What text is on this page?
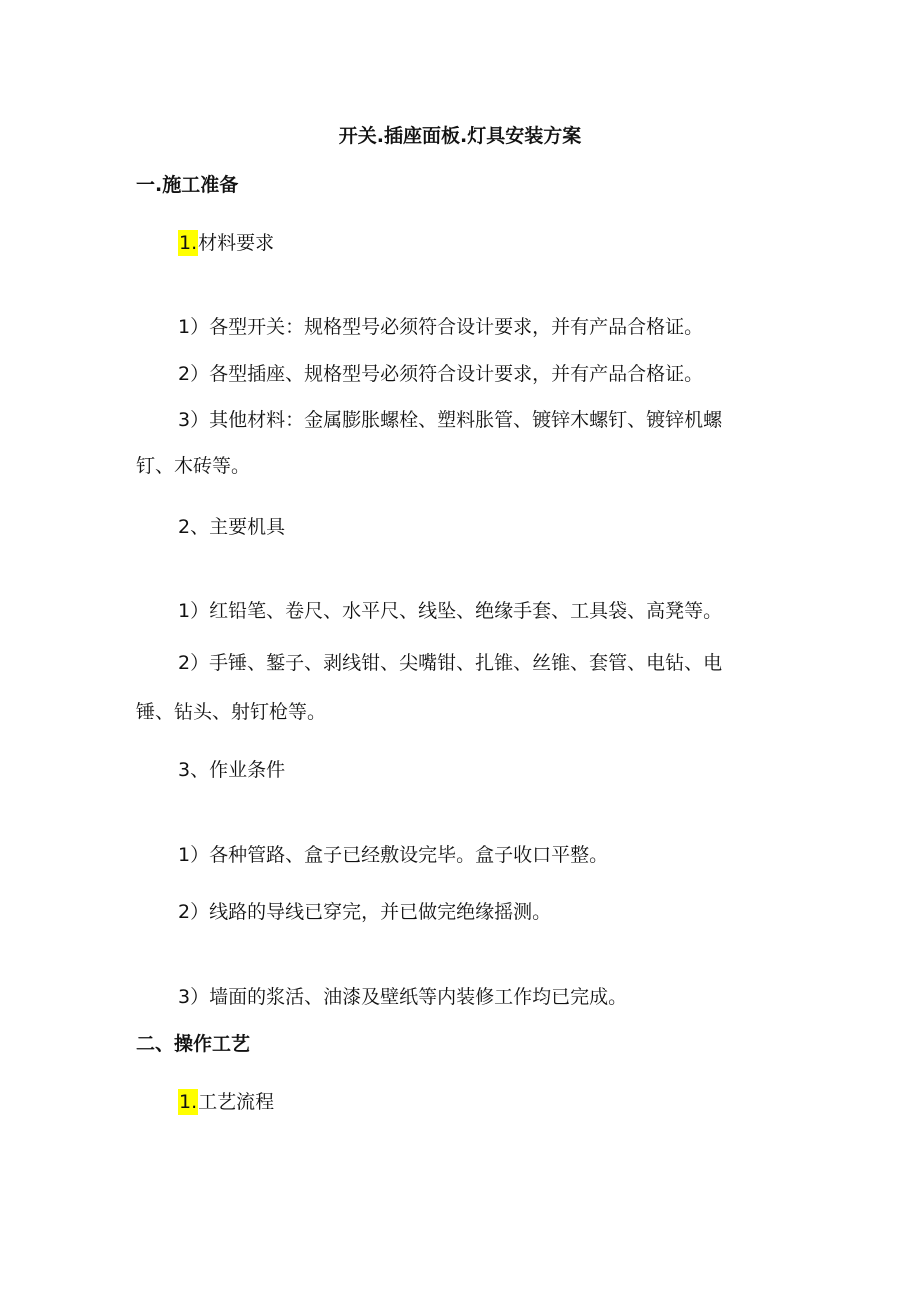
开关.插座面板.灯具安装方案
一.施工准备
1.材料要求
1）各型开关：规格型号必须符合设计要求，并有产品合格证。
2）各型插座、规格型号必须符合设计要求，并有产品合格证。
3）其他材料：金属膨胀螺栓、塑料胀管、镀锌木螺钉、镀锌机螺
钉、木砖等。
2、主要机具
1）红铅笔、卷尺、水平尺、线坠、绝缘手套、工具袋、高凳等。
2）手锤、錾子、剥线钳、尖嘴钳、扎锥、丝锥、套管、电钻、电
锤、钻头、射钉枪等。
3、作业条件
1）各种管路、盒子已经敷设完毕。盒子收口平整。
2）线路的导线已穿完，并已做完绝缘摇测。
3）墙面的浆活、油漆及壁纸等内装修工作均已完成。
二、操作工艺
1.工艺流程
